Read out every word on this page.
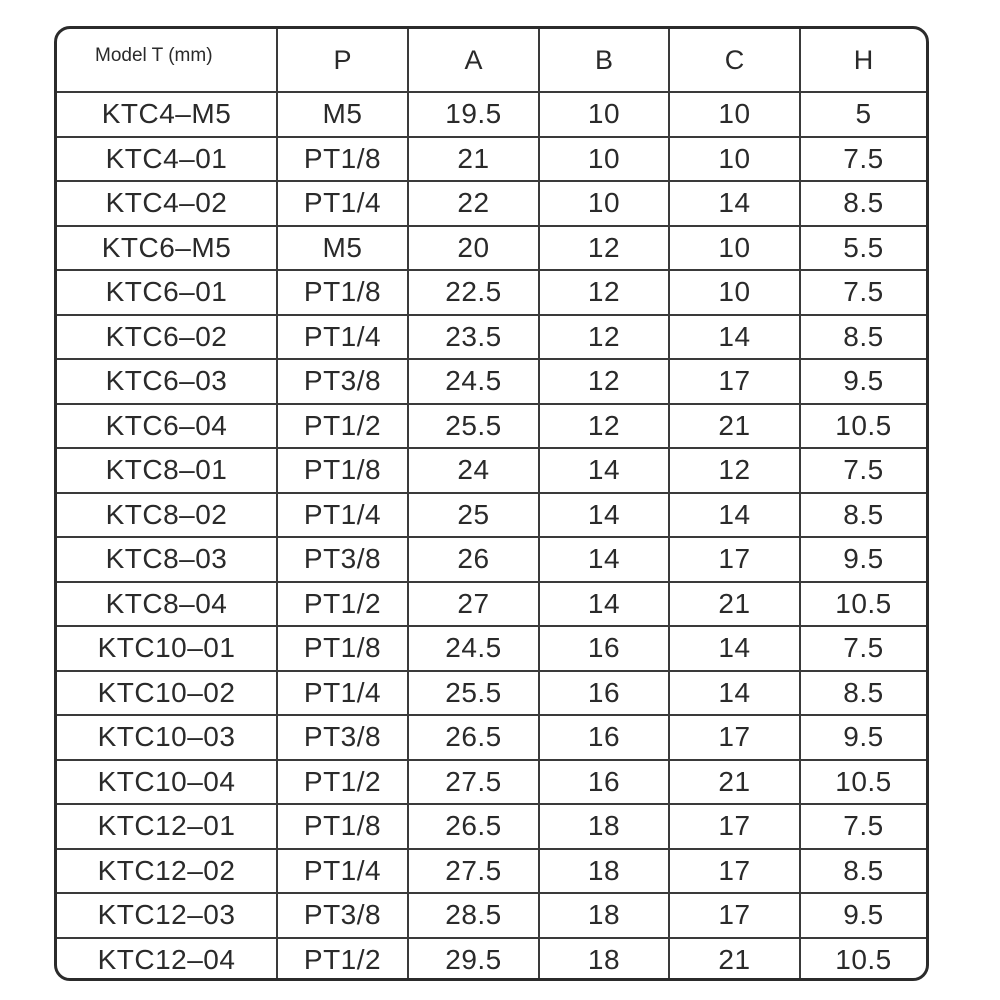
Model T (mm)	P	A	B	C	H
KTC4–M5	M5	19.5	10	10	5
KTC4–01	PT1/8	21	10	10	7.5
KTC4–02	PT1/4	22	10	14	8.5
KTC6–M5	M5	20	12	10	5.5
KTC6–01	PT1/8	22.5	12	10	7.5
KTC6–02	PT1/4	23.5	12	14	8.5
KTC6–03	PT3/8	24.5	12	17	9.5
KTC6–04	PT1/2	25.5	12	21	10.5
KTC8–01	PT1/8	24	14	12	7.5
KTC8–02	PT1/4	25	14	14	8.5
KTC8–03	PT3/8	26	14	17	9.5
KTC8–04	PT1/2	27	14	21	10.5
KTC10–01	PT1/8	24.5	16	14	7.5
KTC10–02	PT1/4	25.5	16	14	8.5
KTC10–03	PT3/8	26.5	16	17	9.5
KTC10–04	PT1/2	27.5	16	21	10.5
KTC12–01	PT1/8	26.5	18	17	7.5
KTC12–02	PT1/4	27.5	18	17	8.5
KTC12–03	PT3/8	28.5	18	17	9.5
KTC12–04	PT1/2	29.5	18	21	10.5
